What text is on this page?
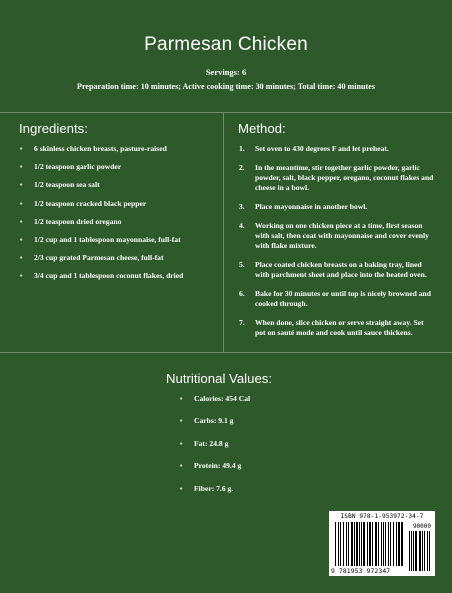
Parmesan Chicken
Servings: 6
Preparation time: 10 minutes; Active cooking time: 30 minutes; Total time: 40 minutes
Ingredients:
• 6 skinless chicken breasts, pasture-raised
• 1/2 teaspoon garlic powder
• 1/2 teaspoon sea salt
• 1/2 teaspoon cracked black pepper
• 1/2 teaspoon dried oregano
• 1/2 cup and 1 tablespoon mayonnaise, full-fat
• 2/3 cup grated Parmesan cheese, full-fat
• 3/4 cup and 1 tablespoon coconut flakes, dried
Method:
1. Set oven to 430 degrees F and let preheat.
2. In the meantime, stir together garlic powder, garlic powder, salt, black pepper, oregano, coconut flakes and cheese in a bowl.
3. Place mayonnaise in another bowl.
4. Working on one chicken piece at a time, first season with salt, then coat with mayonnaise and cover evenly with flake mixture.
5. Place coated chicken breasts on a baking tray, lined with parchment sheet and place into the heated oven.
6. Bake for 30 minutes or until top is nicely browned and cooked through.
7. When done, slice chicken or serve straight away. Set pot on sauté mode and cook until sauce thickens.
Nutritional Values:
• Calories: 454 Cal
• Carbs: 9.1 g
• Fat: 24.8 g
• Protein: 49.4 g
• Fiber: 7.6 g.
ISBN 978-1-953972-34-7
90000
9 781953 972347
